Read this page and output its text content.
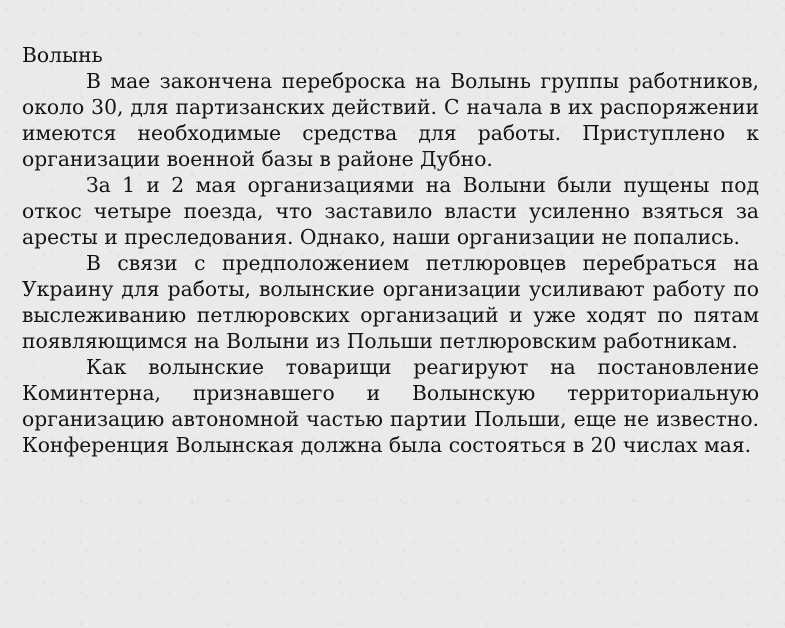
Волынь

В мае закончена переброска на Волынь группы работников, около 30, для партизанских действий. С начала в их распоряжении имеются необходимые средства для работы. Приступлено к организации военной базы в районе Дубно.

За 1 и 2 мая организациями на Волыни были пущены под откос четыре поезда, что заставило власти усиленно взяться за аресты и преследования. Однако, наши организации не попались.

В связи с предположением петлюровцев перебраться на Украину для работы, волынские организации усиливают работу по выслеживанию петлюровских организаций и уже ходят по пятам появляющимся на Волыни из Польши петлюровским работникам.

Как волынские товарищи реагируют на постановление Коминтерна, признавшего и Волынскую территориальную организацию автономной частью партии Польши, еще не известно. Конференция Волынская должна была состояться в 20 числах мая.
